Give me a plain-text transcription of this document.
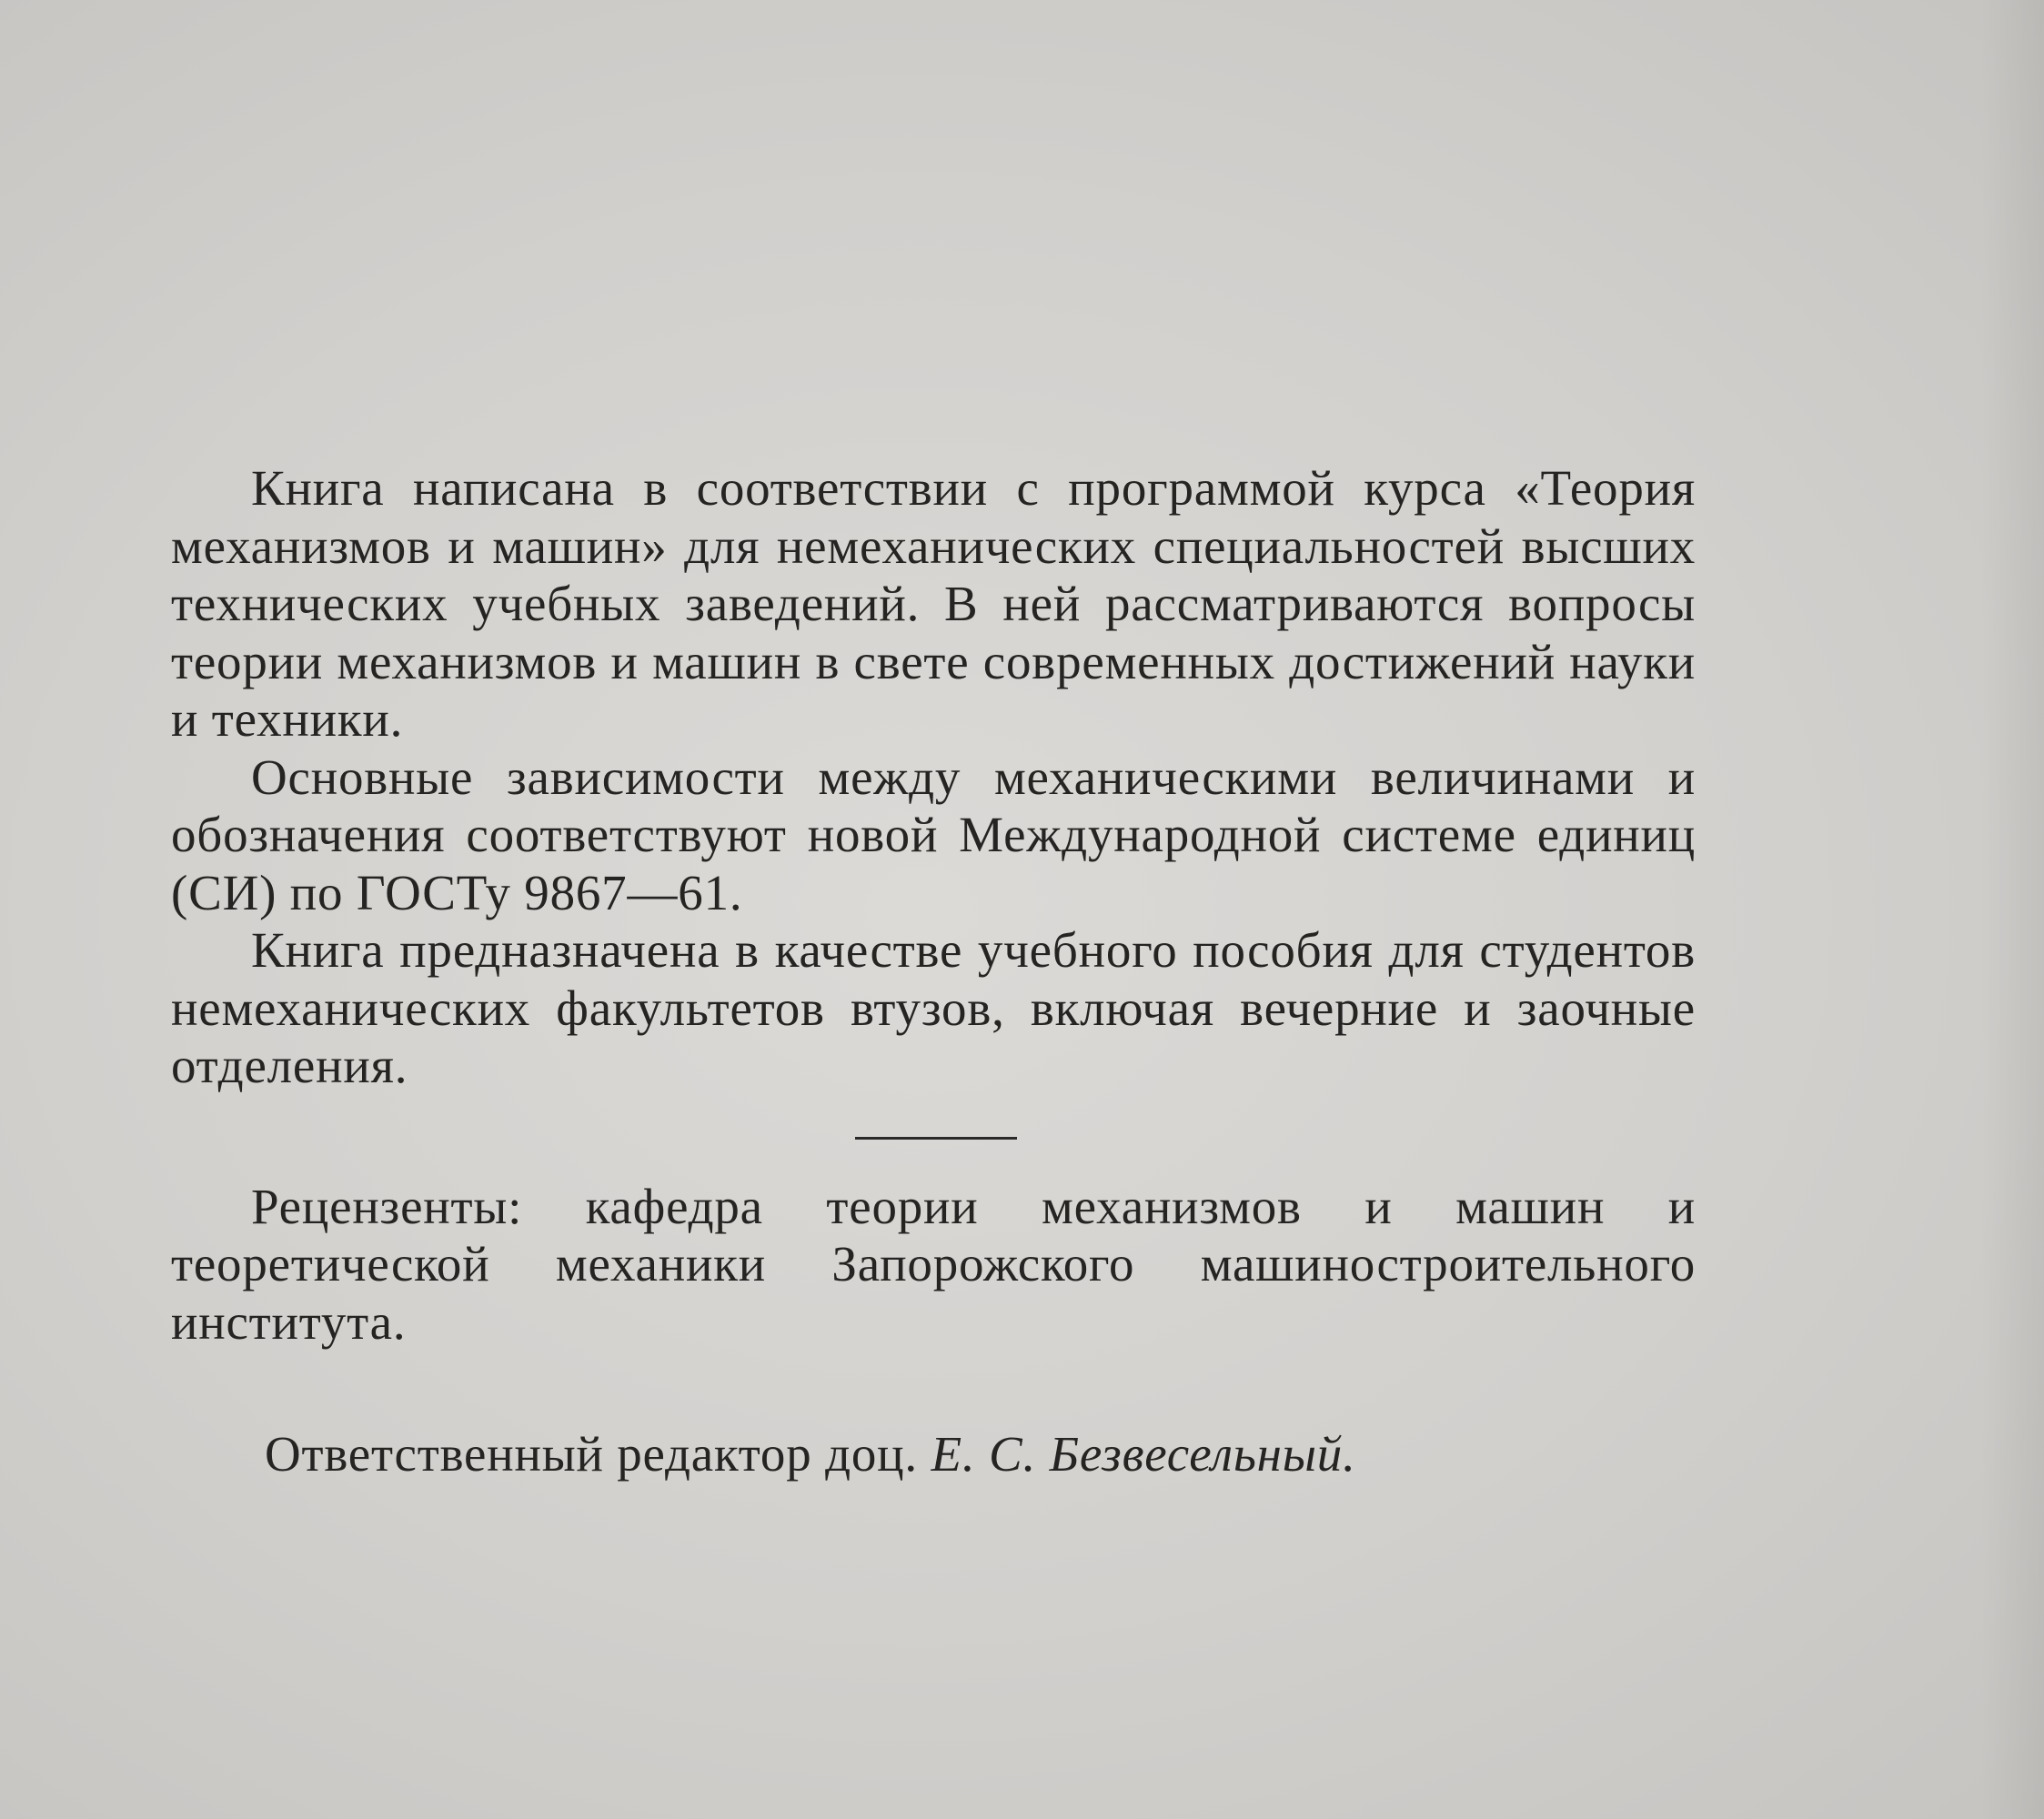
Книга написана в соответствии с программой курса «Теория механизмов и машин» для немеханических специальностей высших технических учебных заведений. В ней рассматриваются вопросы теории механизмов и машин в свете современных достижений науки и техники.

Основные зависимости между механическими величинами и обозначения соответствуют новой Международной системе единиц (СИ) по ГОСТу 9867—61.

Книга предназначена в качестве учебного пособия для студентов немеханических факультетов втузов, включая вечерние и заочные отделения.

Рецензенты: кафедра теории механизмов и машин и теоретической механики Запорожского машиностроительного института.

Ответственный редактор доц. Е. С. Безвесельный.
